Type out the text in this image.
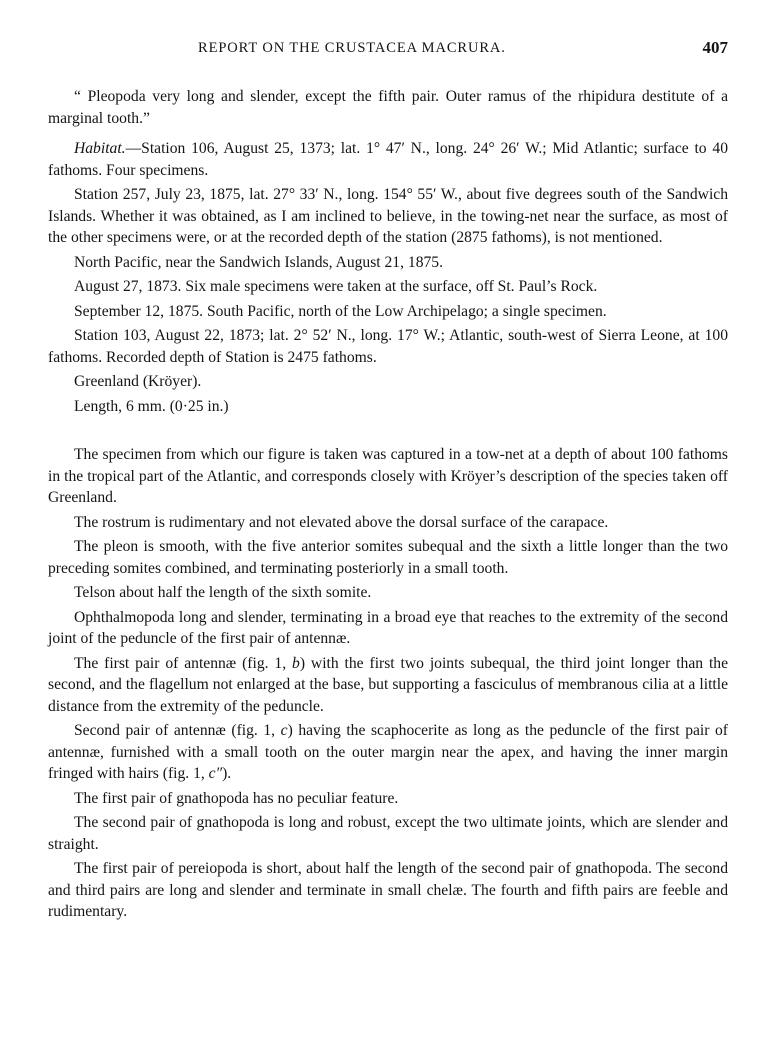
REPORT ON THE CRUSTACEA MACRURA.	407

“ Pleopoda very long and slender, except the fifth pair. Outer ramus of the rhipidura destitute of a marginal tooth.”

Habitat.—Station 106, August 25, 1373; lat. 1° 47′ N., long. 24° 26′ W.; Mid Atlantic; surface to 40 fathoms. Four specimens.

Station 257, July 23, 1875, lat. 27° 33′ N., long. 154° 55′ W., about five degrees south of the Sandwich Islands. Whether it was obtained, as I am inclined to believe, in the towing-net near the surface, as most of the other specimens were, or at the recorded depth of the station (2875 fathoms), is not mentioned.

North Pacific, near the Sandwich Islands, August 21, 1875.

August 27, 1873. Six male specimens were taken at the surface, off St. Paul’s Rock.

September 12, 1875. South Pacific, north of the Low Archipelago; a single specimen.

Station 103, August 22, 1873; lat. 2° 52′ N., long. 17° W.; Atlantic, south-west of Sierra Leone, at 100 fathoms. Recorded depth of Station is 2475 fathoms.

Greenland (Kröyer).

Length, 6 mm. (0·25 in.)

The specimen from which our figure is taken was captured in a tow-net at a depth of about 100 fathoms in the tropical part of the Atlantic, and corresponds closely with Kröyer’s description of the species taken off Greenland.

The rostrum is rudimentary and not elevated above the dorsal surface of the carapace.

The pleon is smooth, with the five anterior somites subequal and the sixth a little longer than the two preceding somites combined, and terminating posteriorly in a small tooth.

Telson about half the length of the sixth somite.

Ophthalmopoda long and slender, terminating in a broad eye that reaches to the extremity of the second joint of the peduncle of the first pair of antennæ.

The first pair of antennæ (fig. 1, b) with the first two joints subequal, the third joint longer than the second, and the flagellum not enlarged at the base, but supporting a fasciculus of membranous cilia at a little distance from the extremity of the peduncle.

Second pair of antennæ (fig. 1, c) having the scaphocerite as long as the peduncle of the first pair of antennæ, furnished with a small tooth on the outer margin near the apex, and having the inner margin fringed with hairs (fig. 1, c″).

The first pair of gnathopoda has no peculiar feature.

The second pair of gnathopoda is long and robust, except the two ultimate joints, which are slender and straight.

The first pair of pereiopoda is short, about half the length of the second pair of gnathopoda. The second and third pairs are long and slender and terminate in small chelæ. The fourth and fifth pairs are feeble and rudimentary.
